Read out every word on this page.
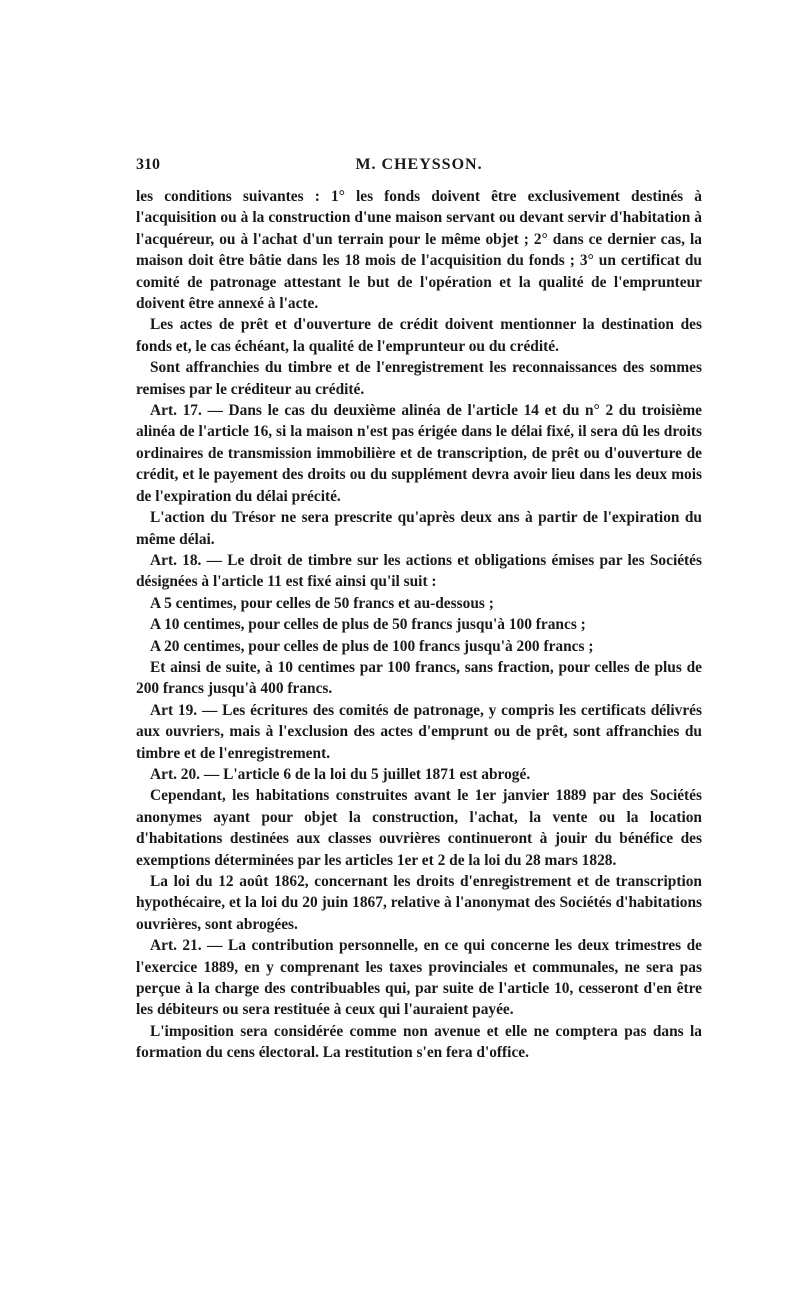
310	M. CHEYSSON.

les conditions suivantes : 1° les fonds doivent être exclusivement destinés à l'acquisition ou à la construction d'une maison servant ou devant servir d'habitation à l'acquéreur, ou à l'achat d'un terrain pour le même objet ; 2° dans ce dernier cas, la maison doit être bâtie dans les 18 mois de l'acquisition du fonds ; 3° un certificat du comité de patronage attestant le but de l'opération et la qualité de l'emprunteur doivent être annexé à l'acte.

Les actes de prêt et d'ouverture de crédit doivent mentionner la destination des fonds et, le cas échéant, la qualité de l'emprunteur ou du crédité.

Sont affranchies du timbre et de l'enregistrement les reconnaissances des sommes remises par le créditeur au crédité.

Art. 17. — Dans le cas du deuxième alinéa de l'article 14 et du n° 2 du troisième alinéa de l'article 16, si la maison n'est pas érigée dans le délai fixé, il sera dû les droits ordinaires de transmission immobilière et de transcription, de prêt ou d'ouverture de crédit, et le payement des droits ou du supplément devra avoir lieu dans les deux mois de l'expiration du délai précité.

L'action du Trésor ne sera prescrite qu'après deux ans à partir de l'expiration du même délai.

Art. 18. — Le droit de timbre sur les actions et obligations émises par les Sociétés désignées à l'article 11 est fixé ainsi qu'il suit :

A 5 centimes, pour celles de 50 francs et au-dessous ;

A 10 centimes, pour celles de plus de 50 francs jusqu'à 100 francs ;

A 20 centimes, pour celles de plus de 100 francs jusqu'à 200 francs ;

Et ainsi de suite, à 10 centimes par 100 francs, sans fraction, pour celles de plus de 200 francs jusqu'à 400 francs.

Art 19. — Les écritures des comités de patronage, y compris les certificats délivrés aux ouvriers, mais à l'exclusion des actes d'emprunt ou de prêt, sont affranchies du timbre et de l'enregistrement.

Art. 20. — L'article 6 de la loi du 5 juillet 1871 est abrogé.

Cependant, les habitations construites avant le 1er janvier 1889 par des Sociétés anonymes ayant pour objet la construction, l'achat, la vente ou la location d'habitations destinées aux classes ouvrières continueront à jouir du bénéfice des exemptions déterminées par les articles 1er et 2 de la loi du 28 mars 1828.

La loi du 12 août 1862, concernant les droits d'enregistrement et de transcription hypothécaire, et la loi du 20 juin 1867, relative à l'anonymat des Sociétés d'habitations ouvrières, sont abrogées.

Art. 21. — La contribution personnelle, en ce qui concerne les deux trimestres de l'exercice 1889, en y comprenant les taxes provinciales et communales, ne sera pas perçue à la charge des contribuables qui, par suite de l'article 10, cesseront d'en être les débiteurs ou sera restituée à ceux qui l'auraient payée.

L'imposition sera considérée comme non avenue et elle ne comptera pas dans la formation du cens électoral. La restitution s'en fera d'office.
